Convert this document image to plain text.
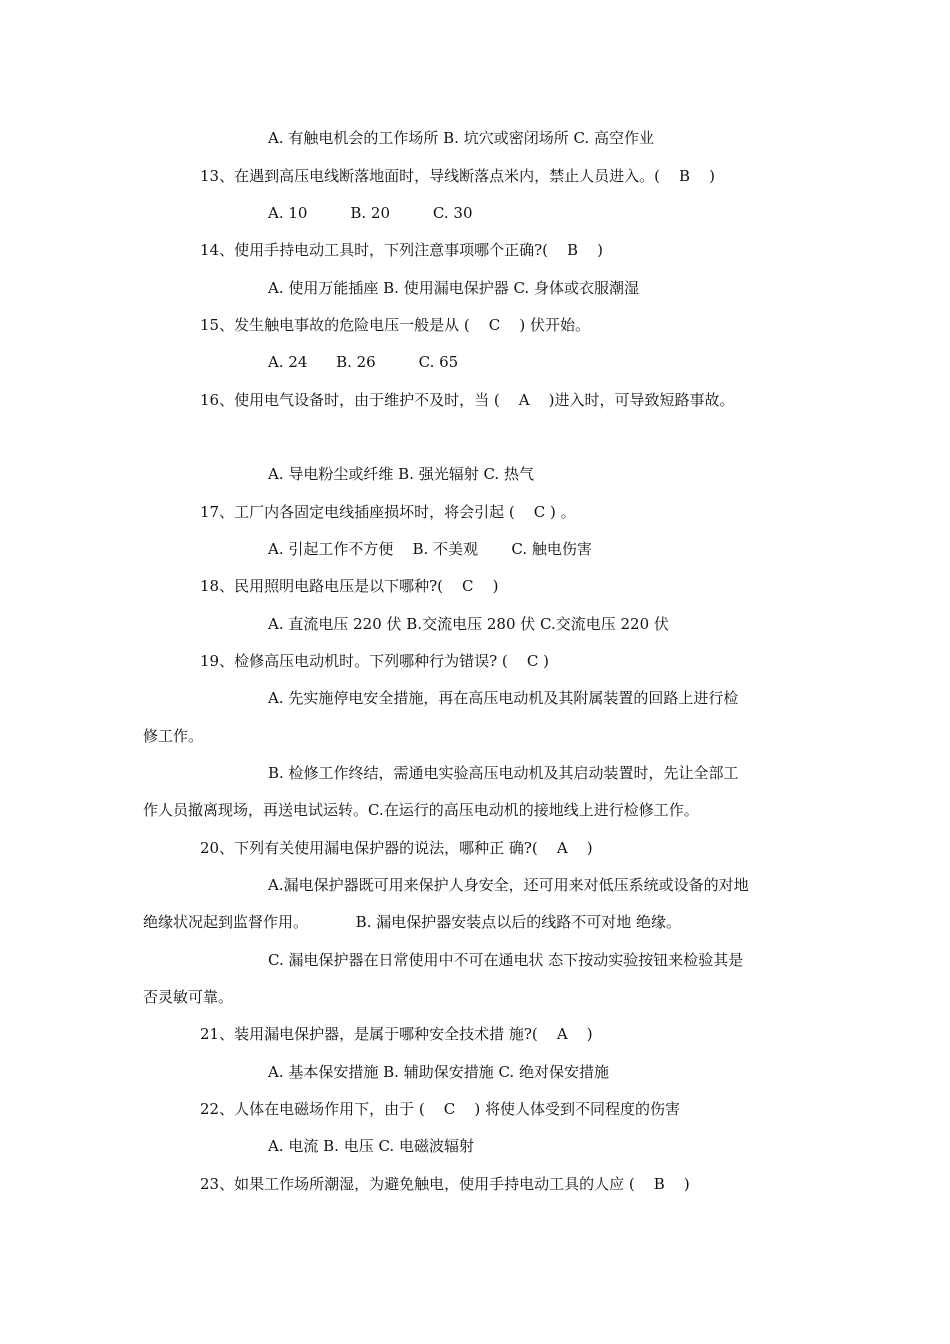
A. 有触电机会的工作场所 B. 坑穴或密闭场所 C. 高空作业
13、在遇到高压电线断落地面时，导线断落点米内，禁止人员进入。(    B    )
A. 10         B. 20         C. 30
14、使用手持电动工具时，下列注意事项哪个正确?(    B    )
A. 使用万能插座 B. 使用漏电保护器 C. 身体或衣服潮湿
15、发生触电事故的危险电压一般是从 (    C    ) 伏开始。
A. 24      B. 26         C. 65
16、使用电气设备时，由于维护不及时，当 (    A    )进入时，可导致短路事故。
A. 导电粉尘或纤维 B. 强光辐射 C. 热气
17、工厂内各固定电线插座损坏时，将会引起 (    C ) 。
A. 引起工作不方便    B. 不美观       C. 触电伤害
18、民用照明电路电压是以下哪种?(    C    )
A. 直流电压 220 伏 B.交流电压 280 伏 C.交流电压 220 伏
19、检修高压电动机时。下列哪种行为错误? (    C )
A. 先实施停电安全措施，再在高压电动机及其附属装置的回路上进行检
修工作。
B. 检修工作终结，需通电实验高压电动机及其启动装置时，先让全部工
作人员撤离现场，再送电试运转。C.在运行的高压电动机的接地线上进行检修工作。
20、下列有关使用漏电保护器的说法，哪种正 确?(    A    )
A.漏电保护器既可用来保护人身安全，还可用来对低压系统或设备的对地
绝缘状况起到监督作用。          B. 漏电保护器安装点以后的线路不可对地 绝缘。
C. 漏电保护器在日常使用中不可在通电状 态下按动实验按钮来检验其是
否灵敏可靠。
21、装用漏电保护器，是属于哪种安全技术措 施?(    A    )
A. 基本保安措施 B. 辅助保安措施 C. 绝对保安措施
22、人体在电磁场作用下，由于 (    C    ) 将使人体受到不同程度的伤害
A. 电流 B. 电压 C. 电磁波辐射
23、如果工作场所潮湿，为避免触电，使用手持电动工具的人应 (    B    )
